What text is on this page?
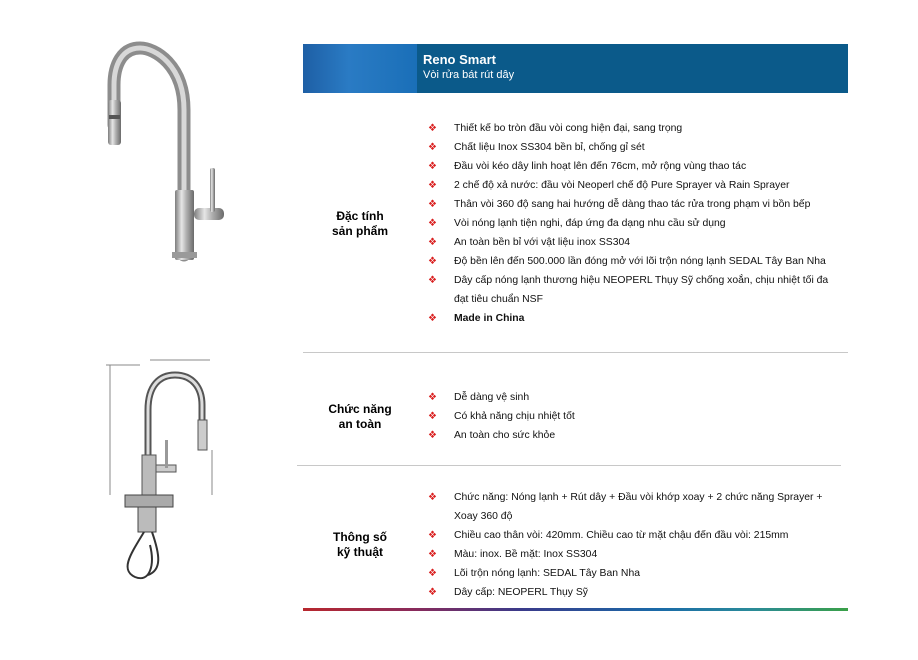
Reno Smart
Vòi rửa bát rút dây
Đặc tính
sản phẩm
❖ Thiết kế bo tròn đầu vòi cong hiện đại, sang trọng
❖ Chất liệu Inox SS304 bền bỉ, chống gỉ sét
❖ Đầu vòi kéo dây linh hoạt lên đến 76cm, mở rộng vùng thao tác
❖ 2 chế độ xả nước: đầu vòi Neoperl chế độ Pure Sprayer và Rain Sprayer
❖ Thân vòi 360 độ sang hai hướng dễ dàng thao tác rửa trong phạm vi bồn bếp
❖ Vòi nóng lạnh tiện nghi, đáp ứng đa dạng nhu cầu sử dụng
❖ An toàn bền bỉ với vật liệu inox SS304
❖ Độ bền lên đến 500.000 lần đóng mở với lõi trộn nóng lạnh SEDAL Tây Ban Nha
❖ Dây cấp nóng lạnh thương hiệu NEOPERL Thụy Sỹ chống xoắn, chịu nhiệt tối đa đạt tiêu chuẩn NSF
❖ Made in China
Chức năng
an toàn
❖ Dễ dàng vệ sinh
❖ Có khả năng chịu nhiệt tốt
❖ An toàn cho sức khỏe
Thông số
kỹ thuật
❖ Chức năng: Nóng lạnh + Rút dây + Đầu vòi khớp xoay + 2 chức năng Sprayer + Xoay 360 độ
❖ Chiều cao thân vòi: 420mm. Chiều cao từ mặt chậu đến đầu vòi: 215mm
❖ Màu: inox. Bề mặt: Inox SS304
❖ Lõi trộn nóng lạnh: SEDAL Tây Ban Nha
❖ Dây cấp: NEOPERL Thụy Sỹ
